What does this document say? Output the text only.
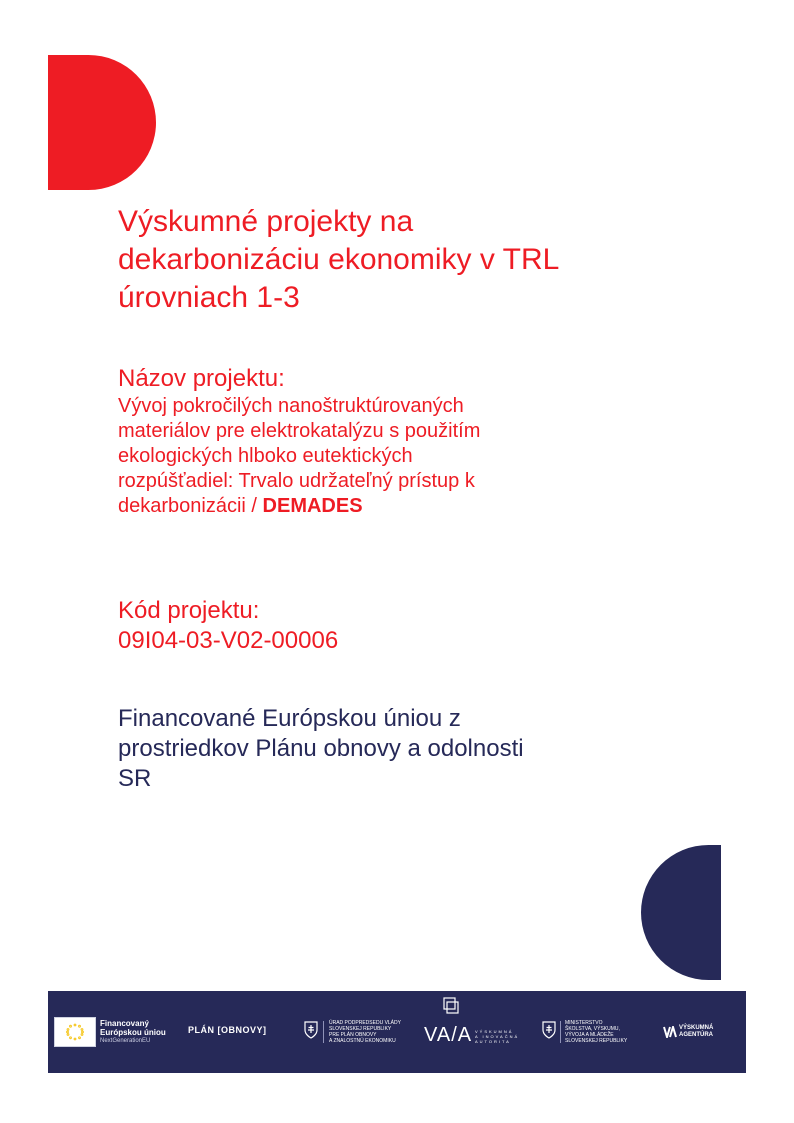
Výskumné projekty na

dekarbonizáciu ekonomiky v TRL

úrovniach 1-3

Názov projektu:

Vývoj pokročilých nanoštruktúrovaných
materiálov pre elektrokatalýzu s použitím
ekologických hlboko eutektických
rozpúšťadiel: Trvalo udržateľný prístup k
dekarbonizácii / DEMADES

Kód projektu:

09I04-03-V02-00006

Financované Európskou úniou z

prostriedkov Plánu obnovy a odolnosti

SR

Financovaný
Európskou úniou
NextGenerationEU
PLÁN [OBNOVY]
ÚRAD PODPREDSEDU VLÁDY
SLOVENSKEJ REPUBLIKY
PRE PLÁN OBNOVY
A ZNALOSTNÚ EKONOMIKU VA/A VÝSKUMNÁ
A INOVAČNÁ
AUTORITA
MINISTERSTVO
ŠKOLSTVA, VÝSKUMU,
VÝVOJA A MLÁDEŽE
SLOVENSKEJ REPUBLIKY
VÝSKUMNÁ
AGENTÚRA
